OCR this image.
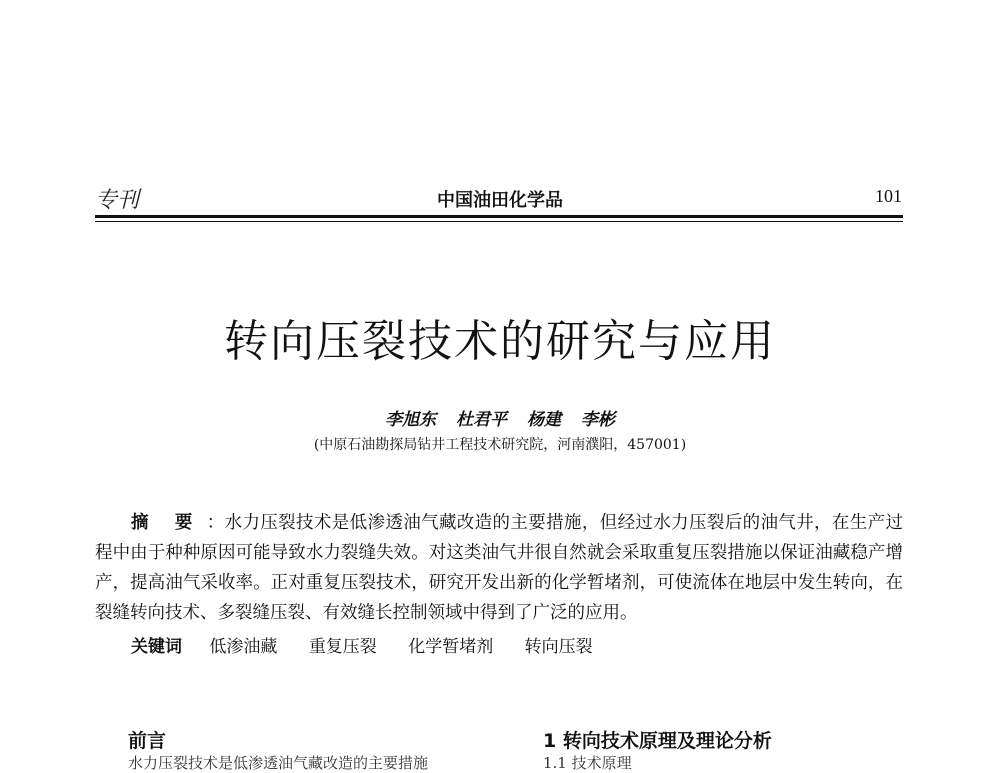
专刊	中国油田化学品	101
转向压裂技术的研究与应用
李旭东 杜君平 杨建 李彬
(中原石油勘探局钻井工程技术研究院，河南濮阳，457001)
摘要：水力压裂技术是低渗透油气藏改造的主要措施，但经过水力压裂后的油气井，在生产过程中由于种种原因可能导致水力裂缝失效。对这类油气井很自然就会采取重复压裂措施以保证油藏稳产增产，提高油气采收率。正对重复压裂技术，研究开发出新的化学暂堵剂，可使流体在地层中发生转向，在裂缝转向技术、多裂缝压裂、有效缝长控制领域中得到了广泛的应用。
关键词 低渗油藏 重复压裂 化学暂堵剂 转向压裂
前言	1 转向技术原理及理论分析
水力压裂技术是低渗透油气藏改造的主要措施	1.1 技术原理
